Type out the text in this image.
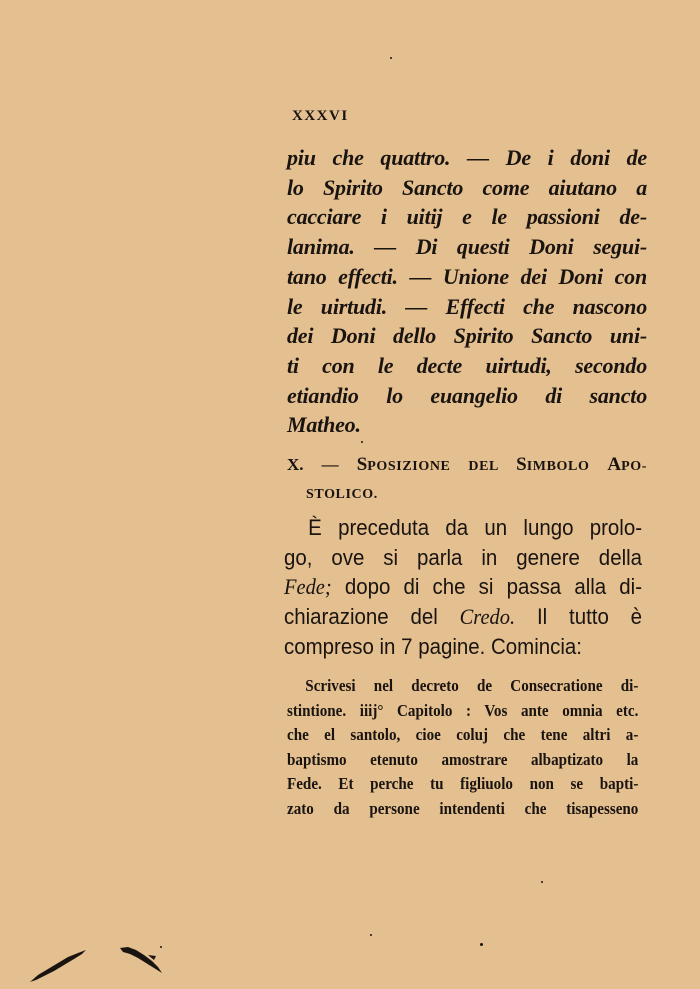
XXXVI
piu che quattro. — De i doni de
lo Spirito Sancto come aiutano a
cacciare i uitij e le passioni de-
lanima. — Di questi Doni segui-
tano effecti. — Unione dei Doni con
le uirtudi. — Effecti che nascono
dei Doni dello Spirito Sancto uni-
ti con le decte uirtudi, secondo
etiandio lo euangelio di sancto
Matheo.
X. — SPOSIZIONE DEL SIMBOLO APO-
STOLICO.
È preceduta da un lungo prolo-
go, ove si parla in genere della
Fede; dopo di che si passa alla di-
chiarazione del Credo. Il tutto è
compreso in 7 pagine. Comincia:
Scrivesi nel decreto de Consecratione di-
stintione. iiij° Capitolo : Vos ante omnia etc.
che el santolo, cioe coluj che tene altri a-
baptismo etenuto amostrare albaptizato la
Fede. Et perche tu figliuolo non se bapti-
zato da persone intendenti che tisapesseno
